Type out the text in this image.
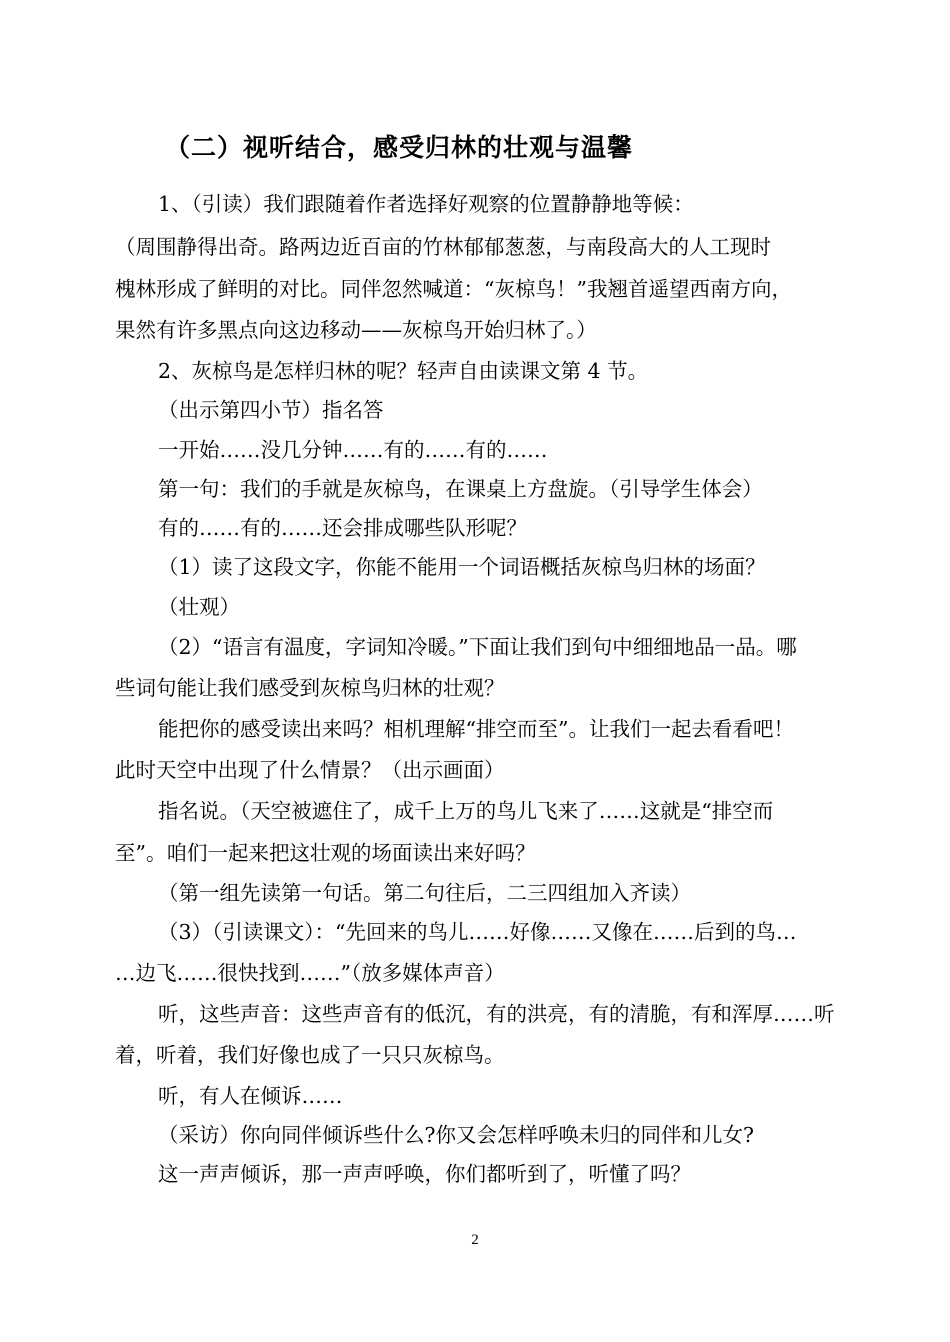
（二）视听结合，感受归林的壮观与温馨
1、（引读）我们跟随着作者选择好观察的位置静静地等候：
（周围静得出奇。路两边近百亩的竹林郁郁葱葱，与南段高大的人工现时
槐林形成了鲜明的对比。同伴忽然喊道：“灰椋鸟！”我翘首遥望西南方向，
果然有许多黑点向这边移动——灰椋鸟开始归林了。）
2、灰椋鸟是怎样归林的呢？轻声自由读课文第 4 节。
（出示第四小节）指名答
一开始……没几分钟……有的……有的……
第一句：我们的手就是灰椋鸟，在课桌上方盘旋。（引导学生体会）
有的……有的……还会排成哪些队形呢？
（1）读了这段文字，你能不能用一个词语概括灰椋鸟归林的场面？
（壮观）
（2）“语言有温度，字词知冷暖。”下面让我们到句中细细地品一品。哪
些词句能让我们感受到灰椋鸟归林的壮观？
能把你的感受读出来吗？相机理解“排空而至”。让我们一起去看看吧！
此时天空中出现了什么情景？（出示画面）
指名说。（天空被遮住了，成千上万的鸟儿飞来了……这就是“排空而
至”。咱们一起来把这壮观的场面读出来好吗？
（第一组先读第一句话。第二句往后，二三四组加入齐读）
（3）（引读课文）：“先回来的鸟儿……好像……又像在……后到的鸟…
…边飞……很快找到……”（放多媒体声音）
听，这些声音：这些声音有的低沉，有的洪亮，有的清脆，有和浑厚……听
着，听着，我们好像也成了一只只灰椋鸟。
听，有人在倾诉……
（采访）你向同伴倾诉些什么?你又会怎样呼唤未归的同伴和儿女?
这一声声倾诉，那一声声呼唤，你们都听到了，听懂了吗？
2
